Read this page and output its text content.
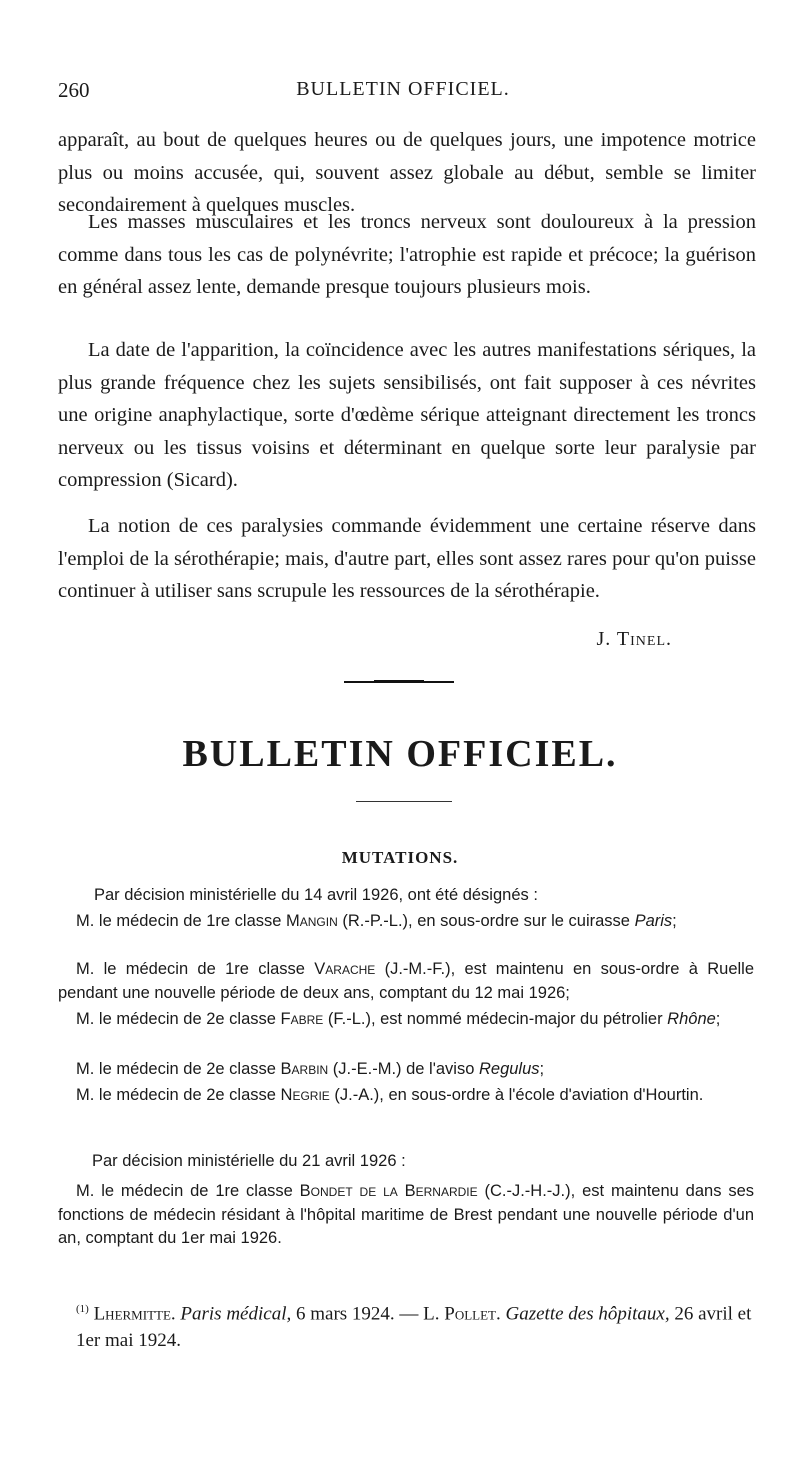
260	BULLETIN OFFICIEL.

apparaît, au bout de quelques heures ou de quelques jours, une impotence motrice plus ou moins accusée, qui, souvent assez globale au début, semble se limiter secondairement à quelques muscles.

Les masses musculaires et les troncs nerveux sont douloureux à la pression comme dans tous les cas de polynévrite; l'atrophie est rapide et précoce; la guérison en général assez lente, demande presque toujours plusieurs mois.

La date de l'apparition, la coïncidence avec les autres manifestations sériques, la plus grande fréquence chez les sujets sensibilisés, ont fait supposer à ces névrites une origine anaphylactique, sorte d'œdème sérique atteignant directement les troncs nerveux ou les tissus voisins et déterminant en quelque sorte leur paralysie par compression (Sicard).

La notion de ces paralysies commande évidemment une certaine réserve dans l'emploi de la sérothérapie; mais, d'autre part, elles sont assez rares pour qu'on puisse continuer à utiliser sans scrupule les ressources de la sérothérapie.

J. Tinel.
BULLETIN OFFICIEL.
MUTATIONS.

Par décision ministérielle du 14 avril 1926, ont été désignés :

M. le médecin de 1re classe Mangin (R.-P.-L.), en sous-ordre sur le cuirasse Paris;

M. le médecin de 1re classe Varache (J.-M.-F.), est maintenu en sous-ordre à Ruelle pendant une nouvelle période de deux ans, comptant du 12 mai 1926;

M. le médecin de 2e classe Fabre (F.-L.), est nommé médecin-major du pétrolier Rhône;

M. le médecin de 2e classe Barbin (J.-E.-M.) de l'aviso Regulus;

M. le médecin de 2e classe Negrie (J.-A.), en sous-ordre à l'école d'aviation d'Hourtin.

Par décision ministérielle du 21 avril 1926 :

M. le médecin de 1re classe Bondet de la Bernardie (C.-J.-H.-J.), est maintenu dans ses fonctions de médecin résidant à l'hôpital maritime de Brest pendant une nouvelle période d'un an, comptant du 1er mai 1926.

$^{(1)}$ Lhermitte. Paris médical, 6 mars 1924. — L. Pollet. Gazette des hôpitaux, 26 avril et 1er mai 1924.
